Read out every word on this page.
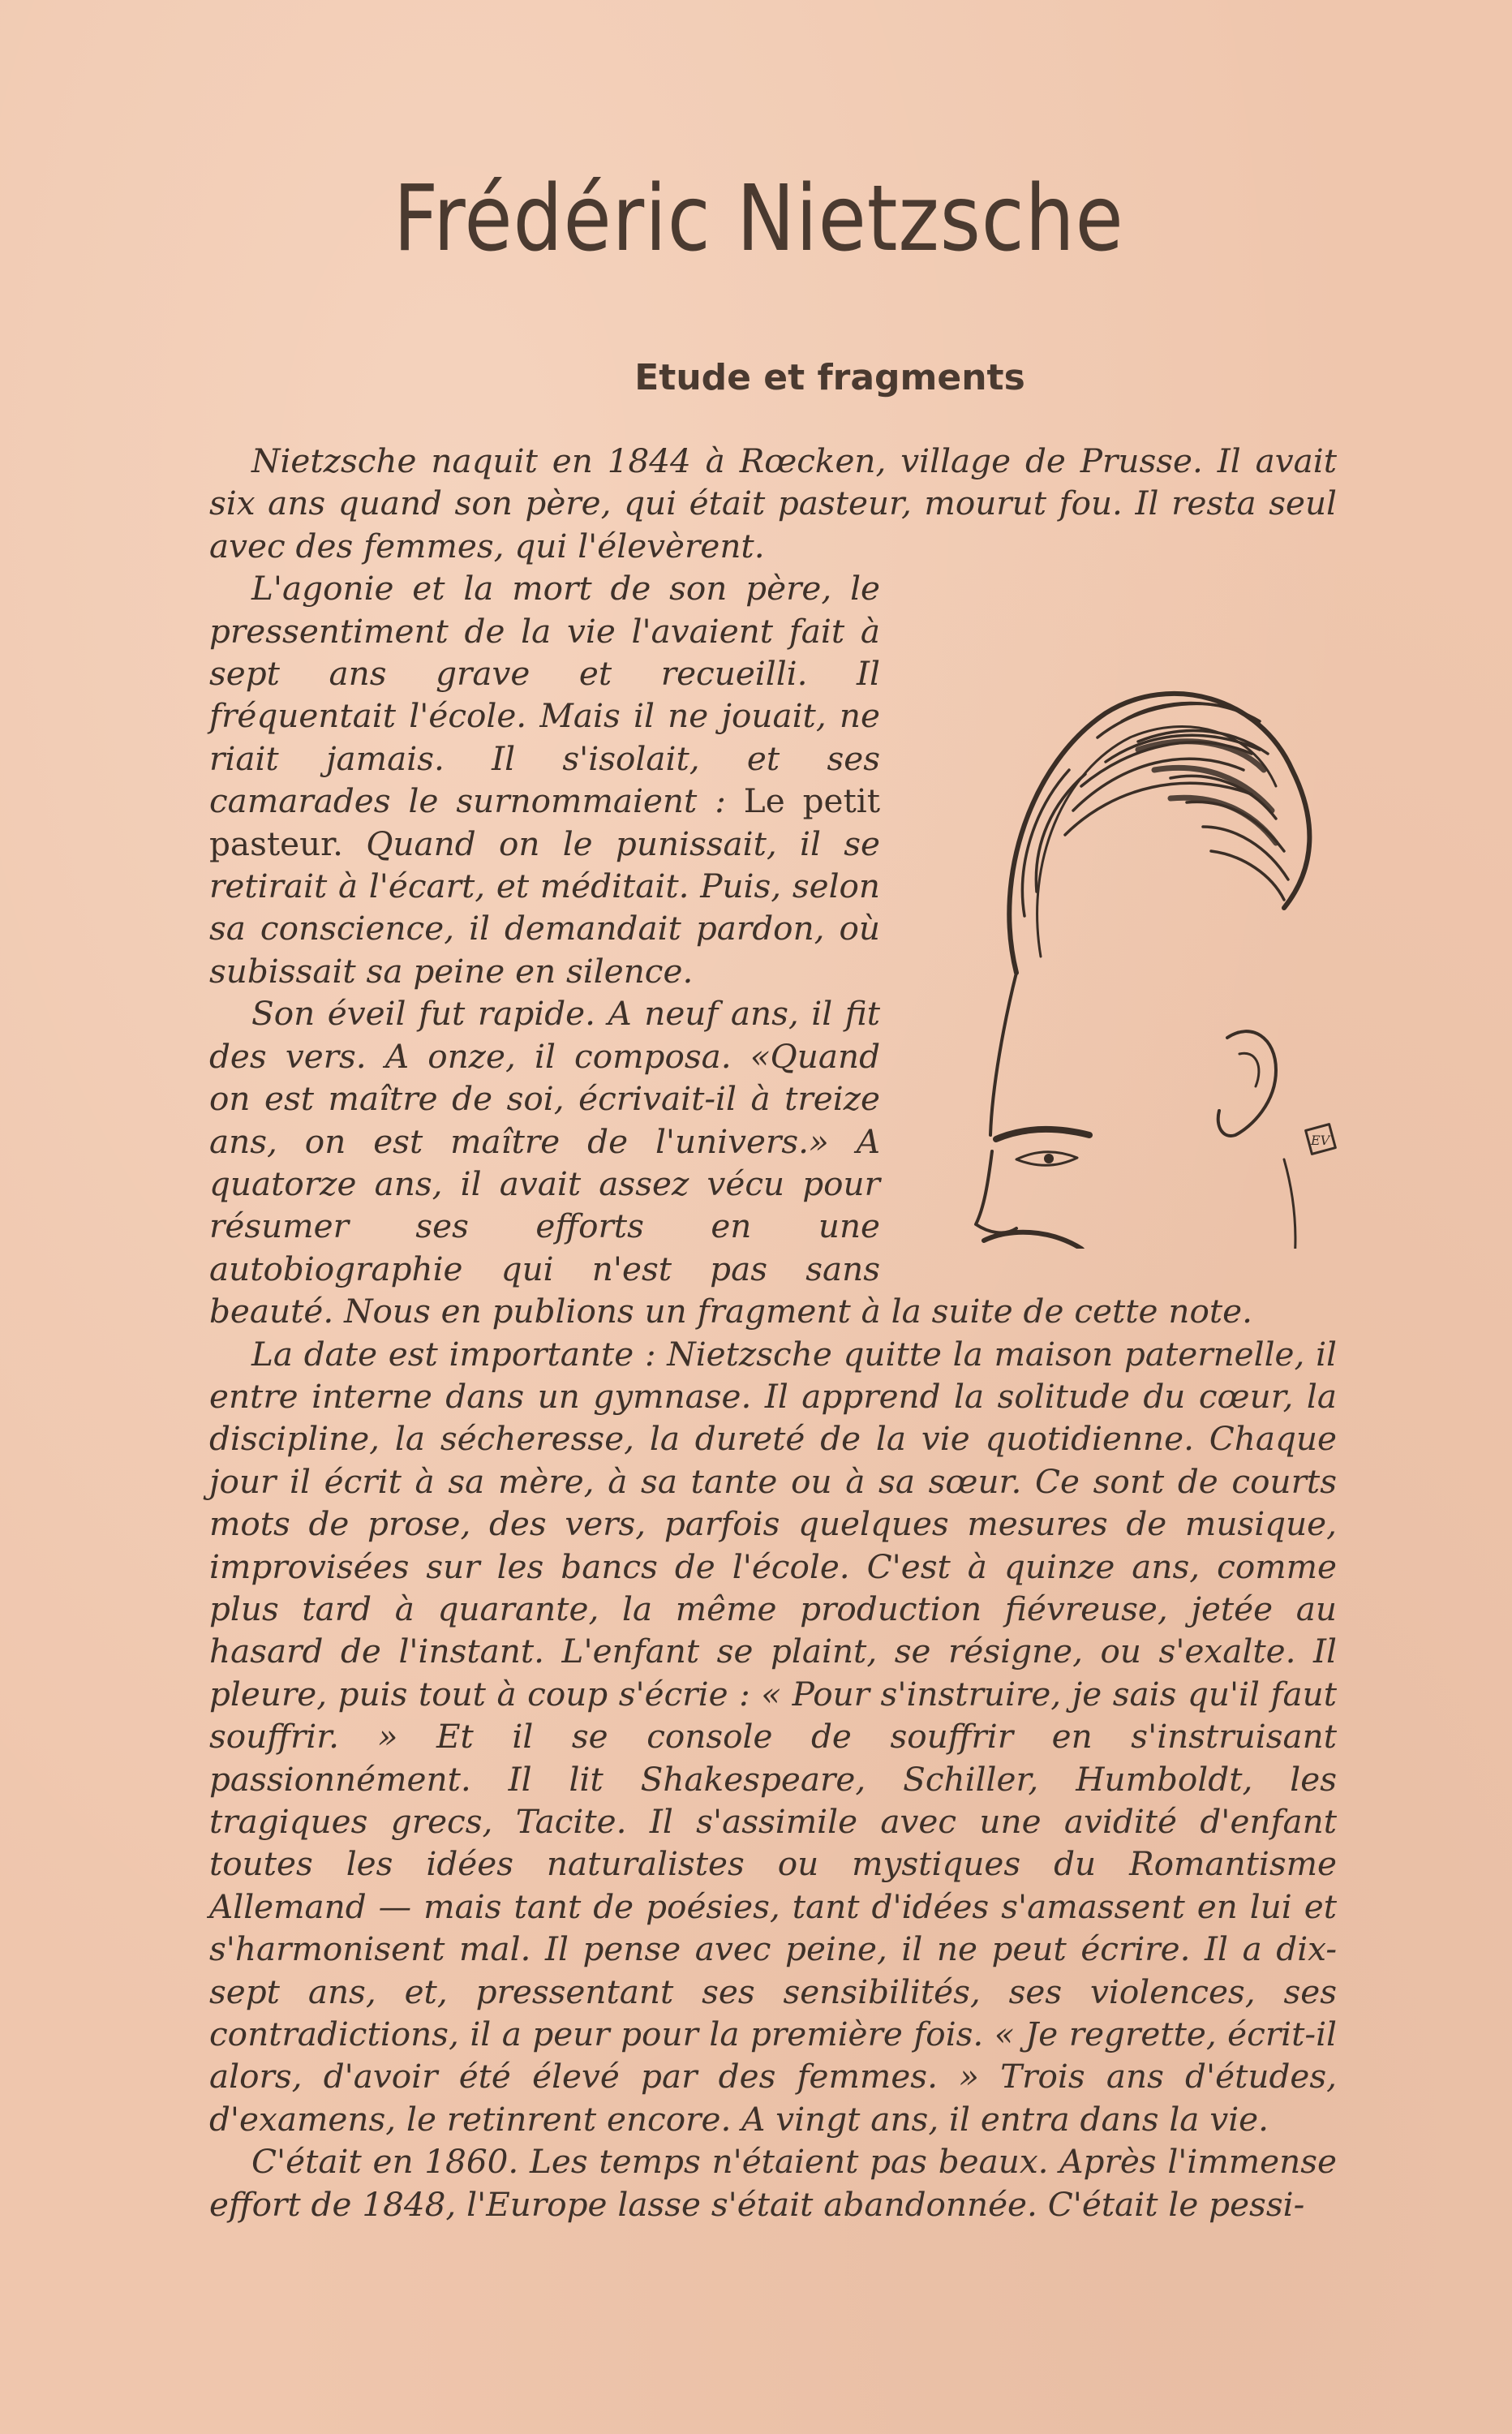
Frédéric Nietzsche
Etude et fragments

Nietzsche naquit en 1844 à Rœcken, village de Prusse. Il avait six ans quand son père, qui était pasteur, mourut fou. Il resta seul avec des femmes, qui l'élevèrent.

EV

L'agonie et la mort de son père, le pressentiment de la vie l'avaient fait à sept ans grave et recueilli. Il fréquentait l'école. Mais il ne jouait, ne riait jamais. Il s'isolait, et ses camarades le surnommaient : Le petit pasteur. Quand on le punissait, il se retirait à l'écart, et méditait. Puis, selon sa conscience, il demandait pardon, où subissait sa peine en silence.

Son éveil fut rapide. A neuf ans, il fit des vers. A onze, il composa. «Quand on est maître de soi, écrivait-il à treize ans, on est maître de l'univers.» A quatorze ans, il avait assez vécu pour résumer ses efforts en une autobiographie qui n'est pas sans beauté. Nous en publions un fragment à la suite de cette note.

La date est importante : Nietzsche quitte la maison paternelle, il entre interne dans un gymnase. Il apprend la solitude du cœur, la discipline, la sécheresse, la dureté de la vie quotidienne. Chaque jour il écrit à sa mère, à sa tante ou à sa sœur. Ce sont de courts mots de prose, des vers, parfois quelques mesures de musique, improvisées sur les bancs de l'école. C'est à quinze ans, comme plus tard à quarante, la même production fiévreuse, jetée au hasard de l'instant. L'enfant se plaint, se résigne, ou s'exalte. Il pleure, puis tout à coup s'écrie : « Pour s'instruire, je sais qu'il faut souffrir. » Et il se console de souffrir en s'instruisant passionnément. Il lit Shakespeare, Schiller, Humboldt, les tragiques grecs, Tacite. Il s'assimile avec une avidité d'enfant toutes les idées naturalistes ou mystiques du Romantisme Allemand — mais tant de poésies, tant d'idées s'amassent en lui et s'harmonisent mal. Il pense avec peine, il ne peut écrire. Il a dix-sept ans, et, pressentant ses sensibilités, ses violences, ses contradictions, il a peur pour la première fois. « Je regrette, écrit-il alors, d'avoir été élevé par des femmes. » Trois ans d'études, d'examens, le retinrent encore. A vingt ans, il entra dans la vie.

C'était en 1860. Les temps n'étaient pas beaux. Après l'immense effort de 1848, l'Europe lasse s'était abandonnée. C'était le pessi-
